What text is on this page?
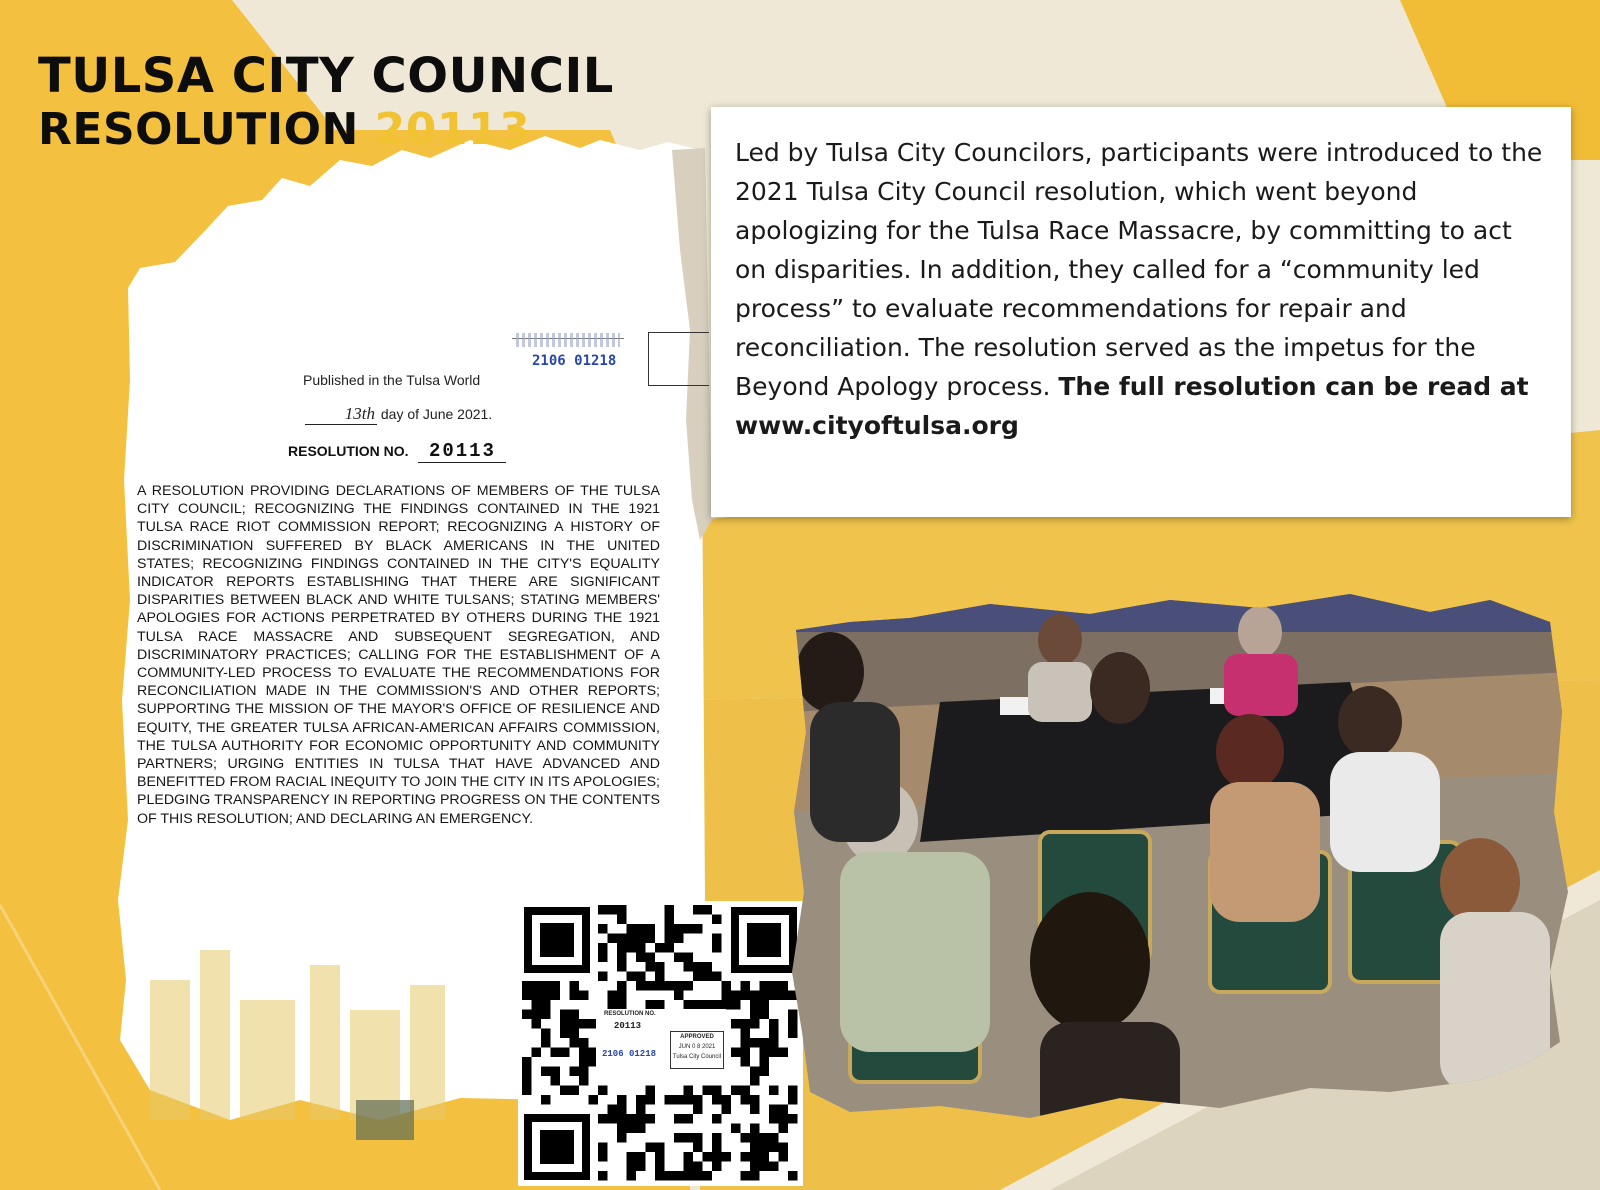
TULSA CITY COUNCIL
RESOLUTION 20113	Led by Tulsa City Councilors, participants were introduced to the 2021 Tulsa City Council resolution, which went beyond apologizing for the Tulsa Race Massacre, by committing to act on disparities. In addition, they called for a “community led process” to evaluate recommendations for repair and reconciliation. The resolution served as the impetus for the Beyond Apology process. The full resolution can be read at www.cityoftulsa.org

2106 01218
Published in the Tulsa World
13th day of June 2021.
RESOLUTION NO. 20113

A RESOLUTION PROVIDING DECLARATIONS OF MEMBERS OF THE TULSA CITY COUNCIL; RECOGNIZING THE FINDINGS CONTAINED IN THE 1921 TULSA RACE RIOT COMMISSION REPORT; RECOGNIZING A HISTORY OF DISCRIMINATION SUFFERED BY BLACK AMERICANS IN THE UNITED STATES; RECOGNIZING FINDINGS CONTAINED IN THE CITY'S EQUALITY INDICATOR REPORTS ESTABLISHING THAT THERE ARE SIGNIFICANT DISPARITIES BETWEEN BLACK AND WHITE TULSANS; STATING MEMBERS' APOLOGIES FOR ACTIONS PERPETRATED BY OTHERS DURING THE 1921 TULSA RACE MASSACRE AND SUBSEQUENT SEGREGATION, AND DISCRIMINATORY PRACTICES; CALLING FOR THE ESTABLISHMENT OF A COMMUNITY-LED PROCESS TO EVALUATE THE RECOMMENDATIONS FOR RECONCILIATION MADE IN THE COMMISSION'S AND OTHER REPORTS; SUPPORTING THE MISSION OF THE MAYOR'S OFFICE OF RESILIENCE AND EQUITY, THE GREATER TULSA AFRICAN-AMERICAN AFFAIRS COMMISSION, THE TULSA AUTHORITY FOR ECONOMIC OPPORTUNITY AND COMMUNITY PARTNERS; URGING ENTITIES IN TULSA THAT HAVE ADVANCED AND BENEFITTED FROM RACIAL INEQUITY TO JOIN THE CITY IN ITS APOLOGIES; PLEDGING TRANSPARENCY IN REPORTING PROGRESS ON THE CONTENTS OF THIS RESOLUTION; AND DECLARING AN EMERGENCY.

RESOLUTION NO.
20113
2106 01218
APPROVED
JUN 0 8 2021
Tulsa City Council
